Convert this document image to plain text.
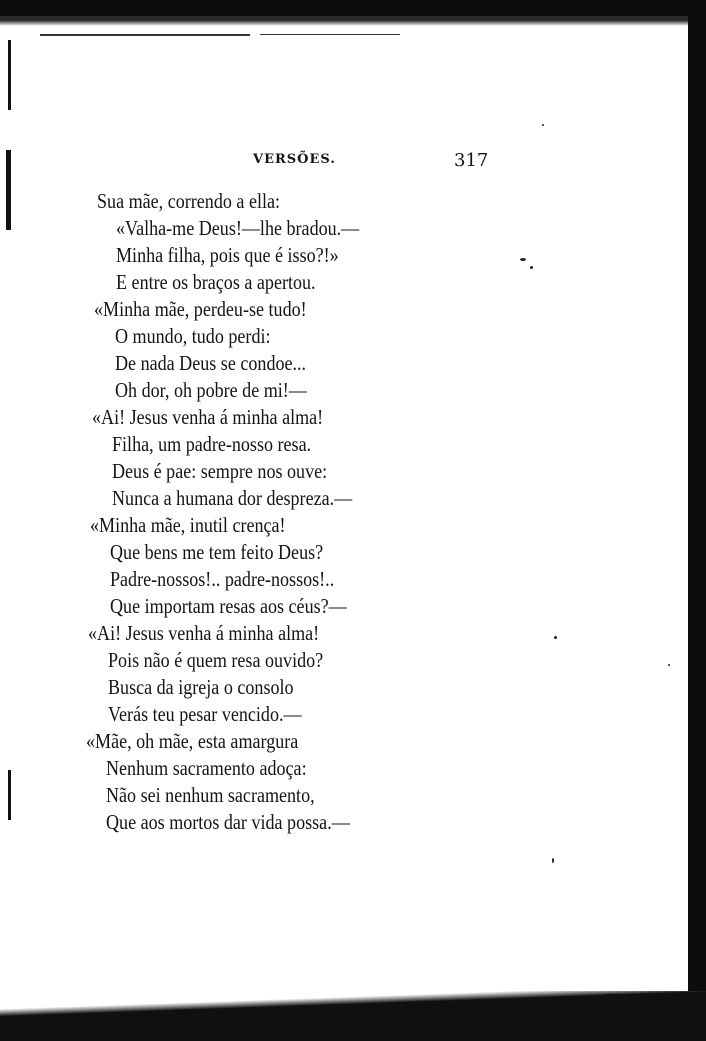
VERSÕES.	317
Sua mãe, correndo a ella:
«Valha-me Deus!—lhe bradou.—
Minha filha, pois que é isso?!»
E entre os braços a apertou.
«Minha mãe, perdeu-se tudo!
O mundo, tudo perdi:
De nada Deus se condoe...
Oh dor, oh pobre de mi!—
«Ai! Jesus venha á minha alma!
Filha, um padre-nosso resa.
Deus é pae: sempre nos ouve:
Nunca a humana dor despreza.—
«Minha mãe, inutil crença!
Que bens me tem feito Deus?
Padre-nossos!.. padre-nossos!..
Que importam resas aos céus?—
«Ai! Jesus venha á minha alma!
Pois não é quem resa ouvido?
Busca da igreja o consolo
Verás teu pesar vencido.—
«Mãe, oh mãe, esta amargura
Nenhum sacramento adoça:
Não sei nenhum sacramento,
Que aos mortos dar vida possa.—
